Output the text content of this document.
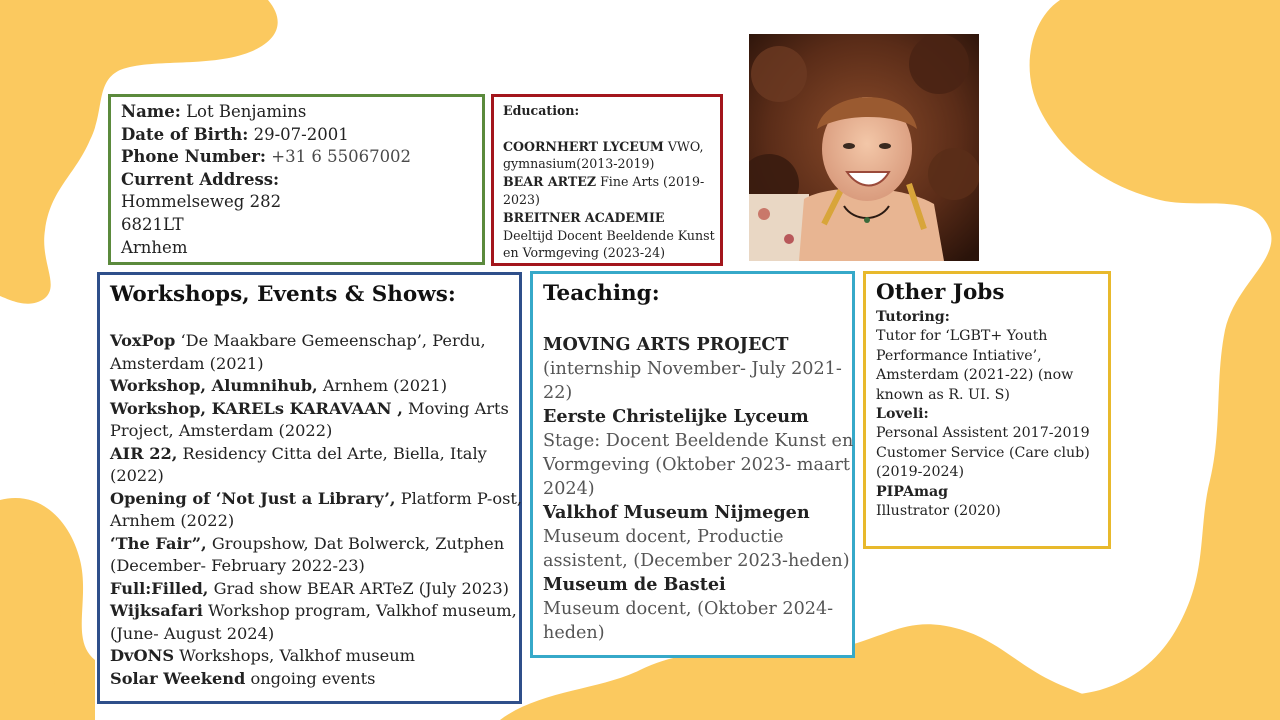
Name: Lot Benjamins
Date of Birth: 29-07-2001
Phone Number: +31 6 55067002
Current Address:
Hommelseweg 282
6821LT
Arnhem
Education:
COORNHERT LYCEUM VWO,
gymnasium(2013-2019)
BEAR ARTEZ Fine Arts (2019-
2023)
BREITNER ACADEMIE
Deeltijd Docent Beeldende Kunst
en Vormgeving (2023-24)
Workshops, Events & Shows:
VoxPop ‘De Maakbare Gemeenschap’, Perdu,
Amsterdam (2021)
Workshop, Alumnihub, Arnhem (2021)
Workshop, KARELs KARAVAAN , Moving Arts
Project, Amsterdam (2022)
AIR 22, Residency Citta del Arte, Biella, Italy
(2022)
Opening of ‘Not Just a Library’, Platform P-ost,
Arnhem (2022)
‘The Fair”, Groupshow, Dat Bolwerck, Zutphen
(December- February 2022-23)
Full:Filled, Grad show BEAR ARTeZ (July 2023)
Wijksafari Workshop program, Valkhof museum,
(June- August 2024)
DvONS Workshops, Valkhof museum
Solar Weekend ongoing events
Teaching:
MOVING ARTS PROJECT
(internship November- July 2021-
22)
Eerste Christelijke Lyceum
Stage: Docent Beeldende Kunst en
Vormgeving (Oktober 2023- maart
2024)
Valkhof Museum Nijmegen
Museum docent, Productie
assistent, (December 2023-heden)
Museum de Bastei
Museum docent, (Oktober 2024-
heden)
Other Jobs
Tutoring:
Tutor for ‘LGBT+ Youth
Performance Intiative’,
Amsterdam (2021-22) (now
known as R. UI. S)
Loveli:
Personal Assistent 2017-2019
Customer Service (Care club)
(2019-2024)
PIPAmag
Illustrator (2020)
